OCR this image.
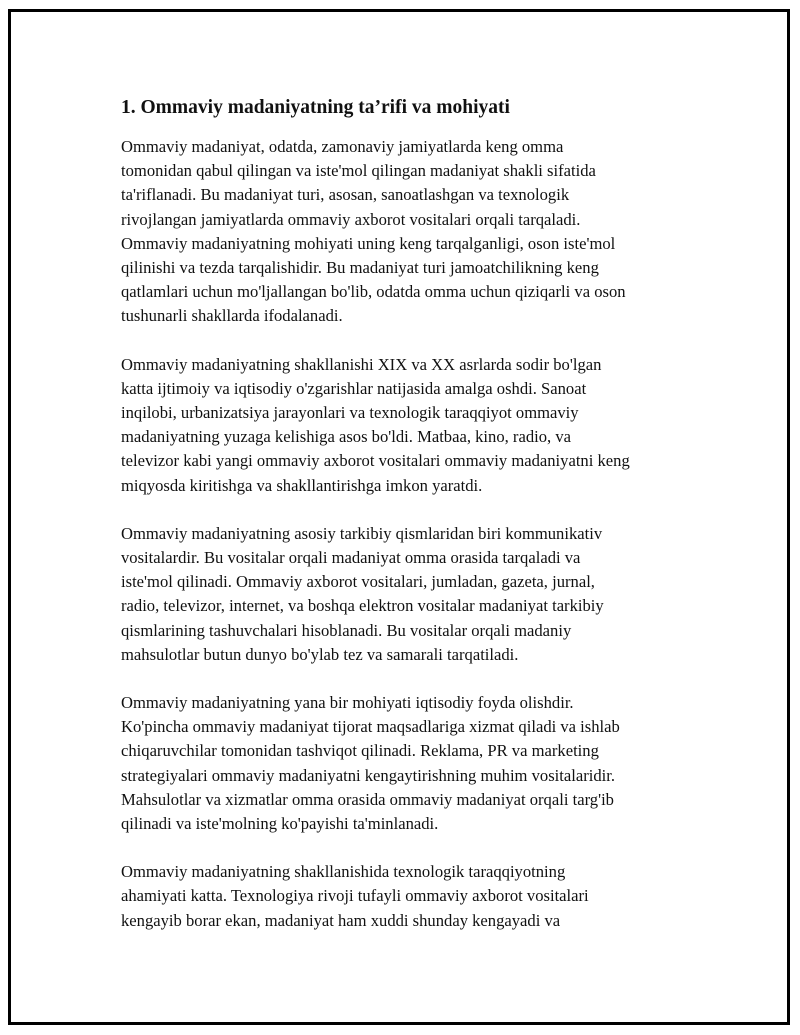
1. Ommaviy madaniyatning ta’rifi va mohiyati

Ommaviy madaniyat, odatda, zamonaviy jamiyatlarda keng omma
tomonidan qabul qilingan va iste'mol qilingan madaniyat shakli sifatida
ta'riflanadi. Bu madaniyat turi, asosan, sanoatlashgan va texnologik
rivojlangan jamiyatlarda ommaviy axborot vositalari orqali tarqaladi.
Ommaviy madaniyatning mohiyati uning keng tarqalganligi, oson iste'mol
qilinishi va tezda tarqalishidir. Bu madaniyat turi jamoatchilikning keng
qatlamlari uchun mo'ljallangan bo'lib, odatda omma uchun qiziqarli va oson
tushunarli shakllarda ifodalanadi.

Ommaviy madaniyatning shakllanishi XIX va XX asrlarda sodir bo'lgan
katta ijtimoiy va iqtisodiy o'zgarishlar natijasida amalga oshdi. Sanoat
inqilobi, urbanizatsiya jarayonlari va texnologik taraqqiyot ommaviy
madaniyatning yuzaga kelishiga asos bo'ldi. Matbaa, kino, radio, va
televizor kabi yangi ommaviy axborot vositalari ommaviy madaniyatni keng
miqyosda kiritishga va shakllantirishga imkon yaratdi.

Ommaviy madaniyatning asosiy tarkibiy qismlaridan biri kommunikativ
vositalardir. Bu vositalar orqali madaniyat omma orasida tarqaladi va
iste'mol qilinadi. Ommaviy axborot vositalari, jumladan, gazeta, jurnal,
radio, televizor, internet, va boshqa elektron vositalar madaniyat tarkibiy
qismlarining tashuvchalari hisoblanadi. Bu vositalar orqali madaniy
mahsulotlar butun dunyo bo'ylab tez va samarali tarqatiladi.

Ommaviy madaniyatning yana bir mohiyati iqtisodiy foyda olishdir.
Ko'pincha ommaviy madaniyat tijorat maqsadlariga xizmat qiladi va ishlab
chiqaruvchilar tomonidan tashviqot qilinadi. Reklama, PR va marketing
strategiyalari ommaviy madaniyatni kengaytirishning muhim vositalaridir.
Mahsulotlar va xizmatlar omma orasida ommaviy madaniyat orqali targ'ib
qilinadi va iste'molning ko'payishi ta'minlanadi.

Ommaviy madaniyatning shakllanishida texnologik taraqqiyotning
ahamiyati katta. Texnologiya rivoji tufayli ommaviy axborot vositalari
kengayib borar ekan, madaniyat ham xuddi shunday kengayadi va
